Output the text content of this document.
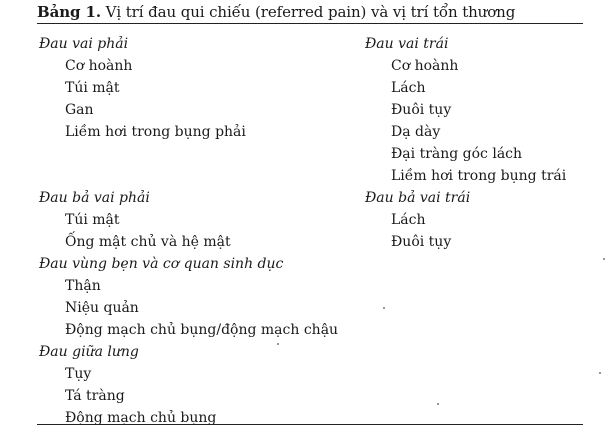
Bảng 1. Vị trí đau qui chiếu (referred pain) và vị trí tổn thương
Đau vai phải
Cơ hoành
Túi mật
Gan
Liềm hơi trong bụng phải
Đau bả vai phải
Túi mật
Ống mật chủ và hệ mật
Đau vùng bẹn và cơ quan sinh dục
Thận
Niệu quản
Động mạch chủ bụng/động mạch chậu
Đau giữa lưng
Tụy
Tá tràng
Động mạch chủ bụng
Đau vai trái
Cơ hoành
Lách
Đuôi tụy
Dạ dày
Đại tràng góc lách
Liềm hơi trong bụng trái
Đau bả vai trái
Lách
Đuôi tụy
